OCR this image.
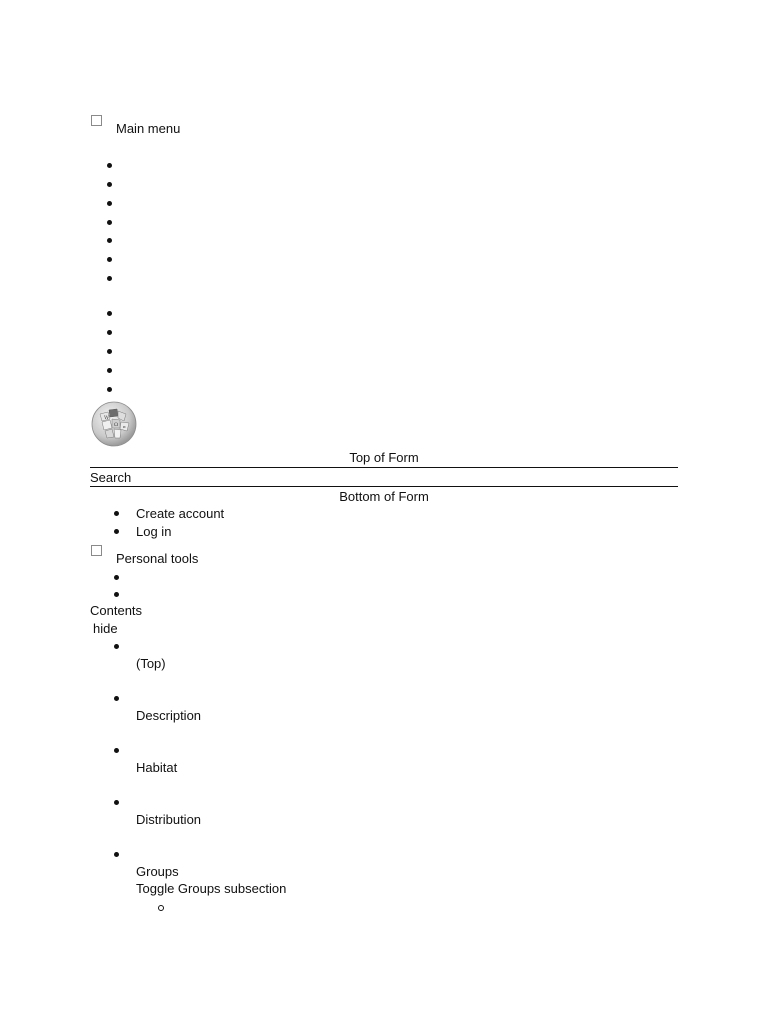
Main menu
W
Ω и
Top of Form
Search
Bottom of Form
Create account
Log in
Personal tools
Contents
hide
(Top)
Description
Habitat
Distribution
Groups
Toggle Groups subsection
